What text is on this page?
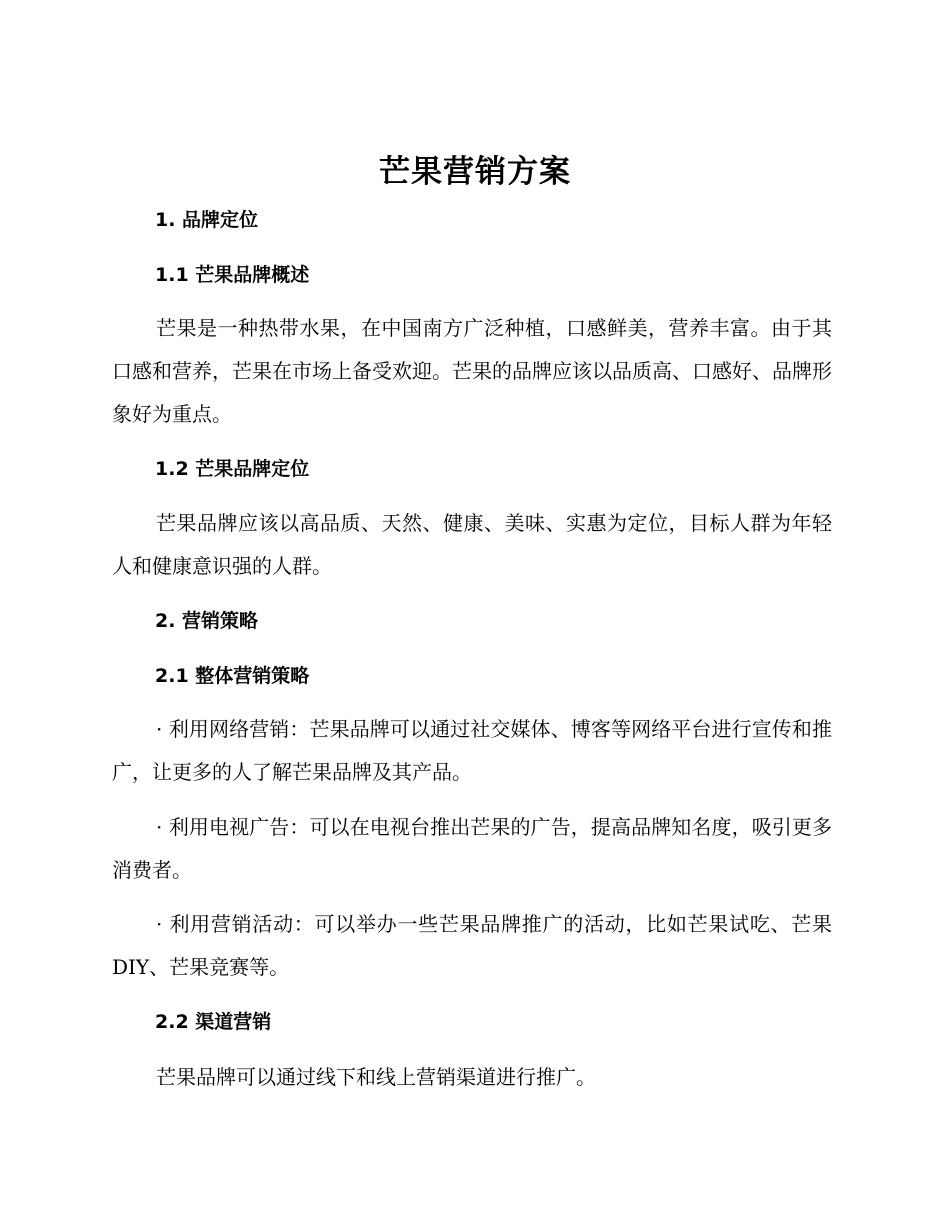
芒果营销方案
1. 品牌定位
1.1 芒果品牌概述
芒果是一种热带水果，在中国南方广泛种植，口感鲜美，营养丰富。由于其口感和营养，芒果在市场上备受欢迎。芒果的品牌应该以品质高、口感好、品牌形象好为重点。
1.2 芒果品牌定位
芒果品牌应该以高品质、天然、健康、美味、实惠为定位，目标人群为年轻人和健康意识强的人群。
2. 营销策略
2.1 整体营销策略
· 利用网络营销：芒果品牌可以通过社交媒体、博客等网络平台进行宣传和推广，让更多的人了解芒果品牌及其产品。
· 利用电视广告：可以在电视台推出芒果的广告，提高品牌知名度，吸引更多消费者。
· 利用营销活动：可以举办一些芒果品牌推广的活动，比如芒果试吃、芒果 DIY、芒果竞赛等。
2.2 渠道营销
芒果品牌可以通过线下和线上营销渠道进行推广。
